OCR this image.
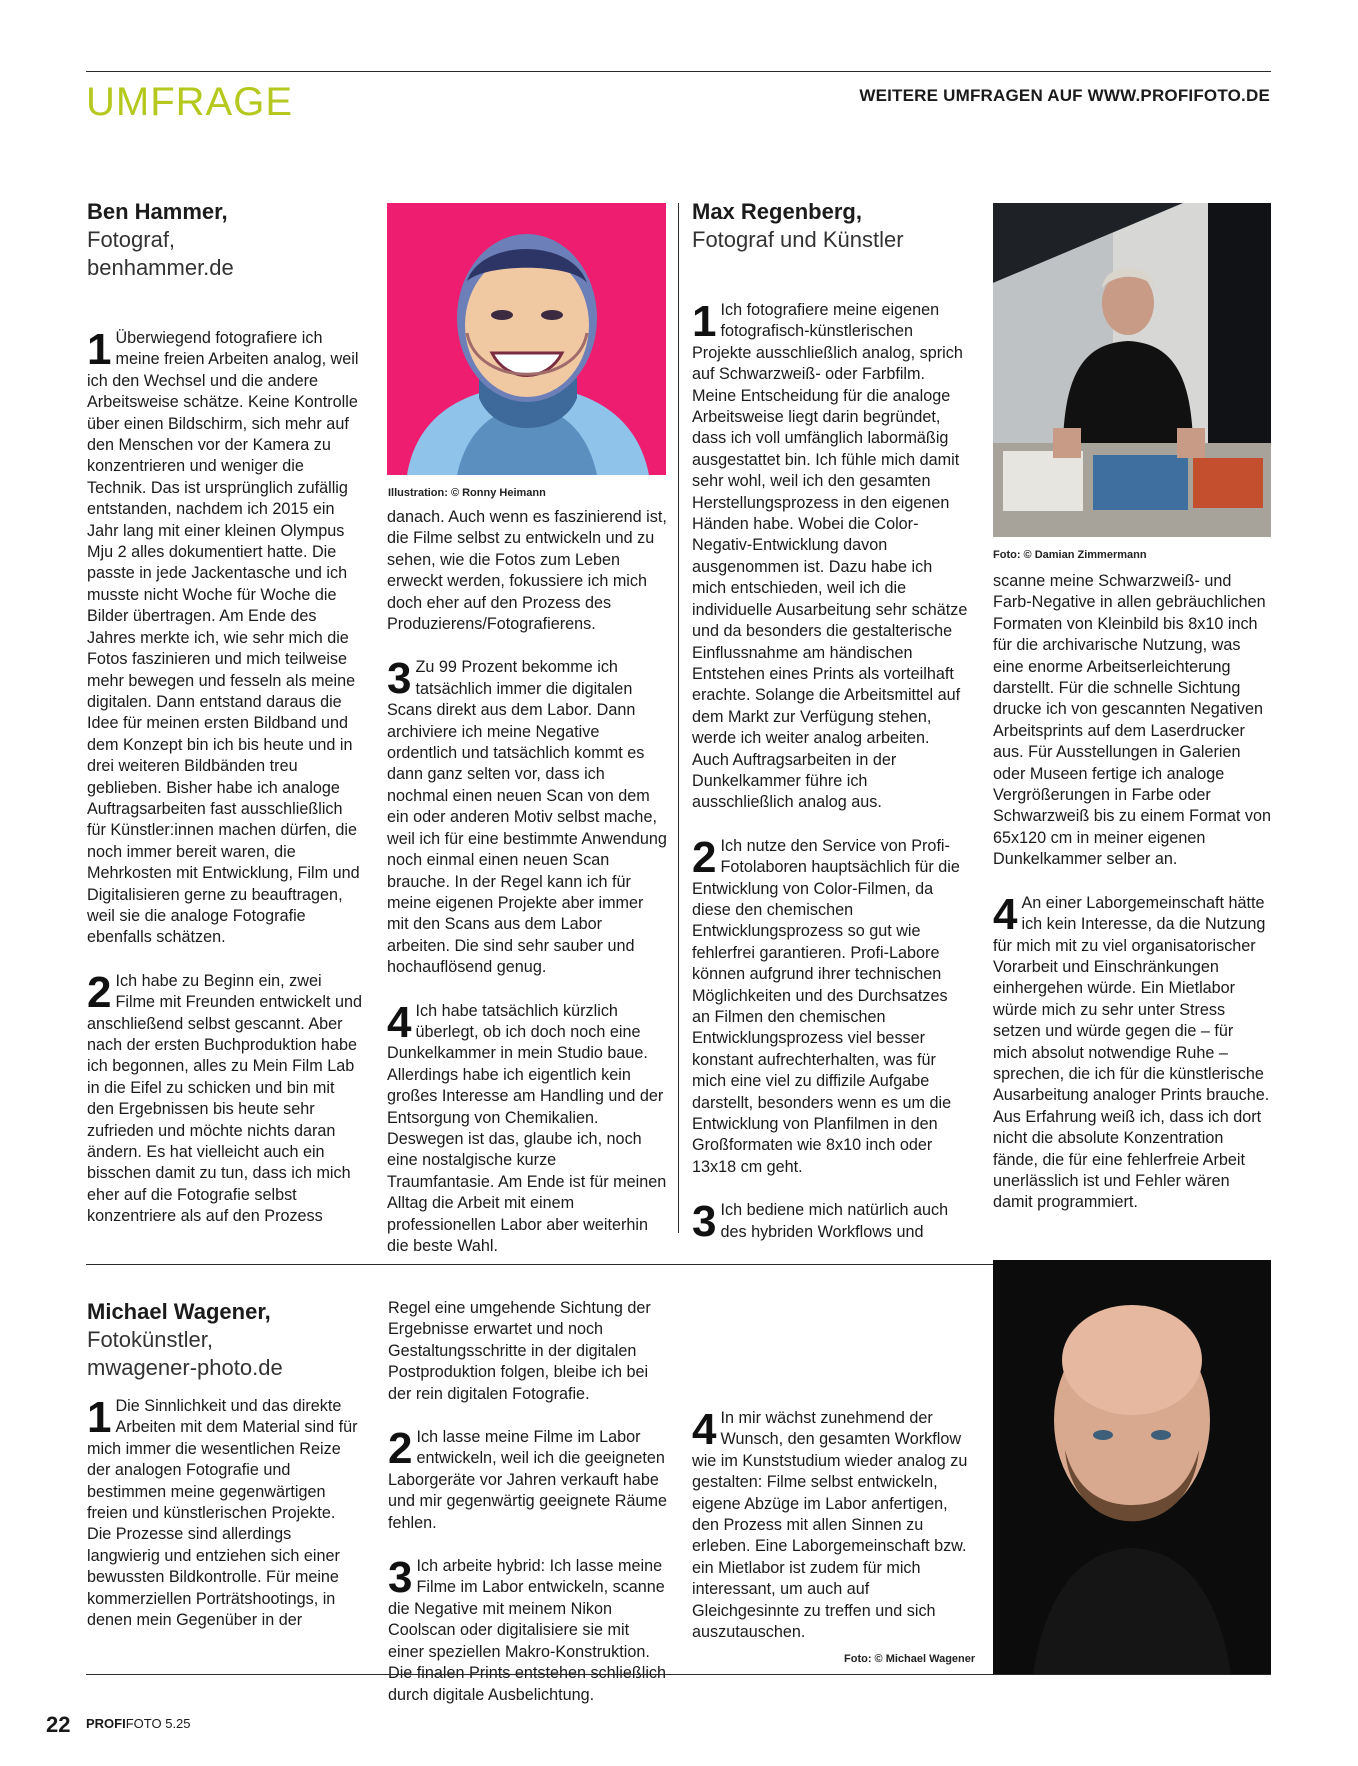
UMFRAGE	WEITERE UMFRAGEN AUF WWW.PROFIFOTO.DE
Ben Hammer,
Fotograf,
benhammer.de

1 Überwiegend fotografiere ich meine freien Arbeiten analog, weil ich den Wechsel und die andere Arbeitsweise schätze. Keine Kontrolle über einen Bildschirm, sich mehr auf den Menschen vor der Kamera zu konzentrieren und weniger die Technik. Das ist ursprünglich zufällig entstanden, nachdem ich 2015 ein Jahr lang mit einer kleinen Olympus Mju 2 alles dokumentiert hatte. Die passte in jede Jackentasche und ich musste nicht Woche für Woche die Bilder übertragen. Am Ende des Jahres merkte ich, wie sehr mich die Fotos faszinieren und mich teilweise mehr bewegen und fesseln als meine digitalen. Dann entstand daraus die Idee für meinen ersten Bildband und dem Konzept bin ich bis heute und in drei weiteren Bildbänden treu geblieben. Bisher habe ich analoge Auftragsarbeiten fast ausschließlich für Künstler:innen machen dürfen, die noch immer bereit waren, die Mehrkosten mit Entwicklung, Film und Digitalisieren gerne zu beauftragen, weil sie die analoge Fotografie ebenfalls schätzen.

2 Ich habe zu Beginn ein, zwei Filme mit Freunden entwickelt und anschließend selbst gescannt. Aber nach der ersten Buchproduktion habe ich begonnen, alles zu Mein Film Lab in die Eifel zu schicken und bin mit den Ergebnissen bis heute sehr zufrieden und möchte nichts daran ändern. Es hat vielleicht auch ein bisschen damit zu tun, dass ich mich eher auf die Fotografie selbst konzentriere als auf den Prozess

Illustration: © Ronny Heimann

danach. Auch wenn es faszinierend ist, die Filme selbst zu entwickeln und zu sehen, wie die Fotos zum Leben erweckt werden, fokussiere ich mich doch eher auf den Prozess des Produzierens/Fotografierens.

3 Zu 99 Prozent bekomme ich tatsächlich immer die digitalen Scans direkt aus dem Labor. Dann archiviere ich meine Negative ordentlich und tatsächlich kommt es dann ganz selten vor, dass ich nochmal einen neuen Scan von dem ein oder anderen Motiv selbst mache, weil ich für eine bestimmte Anwendung noch einmal einen neuen Scan brauche. In der Regel kann ich für meine eigenen Projekte aber immer mit den Scans aus dem Labor arbeiten. Die sind sehr sauber und hochauflösend genug.

4 Ich habe tatsächlich kürzlich überlegt, ob ich doch noch eine Dunkelkammer in mein Studio baue. Allerdings habe ich eigentlich kein großes Interesse am Handling und der Entsorgung von Chemikalien. Deswegen ist das, glaube ich, noch eine nostalgische kurze Traumfantasie. Am Ende ist für meinen Alltag die Arbeit mit einem professionellen Labor aber weiterhin die beste Wahl.

Max Regenberg,
Fotograf und Künstler

1 Ich fotografiere meine eigenen fotografisch-künstlerischen Projekte ausschließlich analog, sprich auf Schwarzweiß- oder Farbfilm. Meine Entscheidung für die analoge Arbeitsweise liegt darin begründet, dass ich voll umfänglich labormäßig ausgestattet bin. Ich fühle mich damit sehr wohl, weil ich den gesamten Herstellungsprozess in den eigenen Händen habe. Wobei die Color-Negativ-Entwicklung davon ausgenommen ist. Dazu habe ich mich entschieden, weil ich die individuelle Ausarbeitung sehr schätze und da besonders die gestalterische Einflussnahme am händischen Entstehen eines Prints als vorteilhaft erachte. Solange die Arbeitsmittel auf dem Markt zur Verfügung stehen, werde ich weiter analog arbeiten. Auch Auftragsarbeiten in der Dunkelkammer führe ich ausschließlich analog aus.

2 Ich nutze den Service von Profi-Fotolaboren hauptsächlich für die Entwicklung von Color-Filmen, da diese den chemischen Entwicklungsprozess so gut wie fehlerfrei garantieren. Profi-Labore können aufgrund ihrer technischen Möglichkeiten und des Durchsatzes an Filmen den chemischen Entwicklungsprozess viel besser konstant aufrechterhalten, was für mich eine viel zu diffizile Aufgabe darstellt, besonders wenn es um die Entwicklung von Planfilmen in den Großformaten wie 8x10 inch oder 13x18 cm geht.

3 Ich bediene mich natürlich auch des hybriden Workflows und

Foto: © Damian Zimmermann

scanne meine Schwarzweiß- und Farb-Negative in allen gebräuchlichen Formaten von Kleinbild bis 8x10 inch für die archivarische Nutzung, was eine enorme Arbeitserleichterung darstellt. Für die schnelle Sichtung drucke ich von gescannten Negativen Arbeitsprints auf dem Laserdrucker aus. Für Ausstellungen in Galerien oder Museen fertige ich analoge Vergrößerungen in Farbe oder Schwarzweiß bis zu einem Format von 65x120 cm in meiner eigenen Dunkelkammer selber an.

4 An einer Laborgemeinschaft hätte ich kein Interesse, da die Nutzung für mich mit zu viel organisatorischer Vorarbeit und Einschränkungen einhergehen würde. Ein Mietlabor würde mich zu sehr unter Stress setzen und würde gegen die – für mich absolut notwendige Ruhe – sprechen, die ich für die künstlerische Ausarbeitung analoger Prints brauche. Aus Erfahrung weiß ich, dass ich dort nicht die absolute Konzentration fände, die für eine fehlerfreie Arbeit unerlässlich ist und Fehler wären damit programmiert.

Michael Wagener,
Fotokünstler,
mwagener-photo.de

1 Die Sinnlichkeit und das direkte Arbeiten mit dem Material sind für mich immer die wesentlichen Reize der analogen Fotografie und bestimmen meine gegenwärtigen freien und künstlerischen Projekte. Die Prozesse sind allerdings langwierig und entziehen sich einer bewussten Bildkontrolle. Für meine kommerziellen Porträtshootings, in denen mein Gegenüber in der

Regel eine umgehende Sichtung der Ergebnisse erwartet und noch Gestaltungsschritte in der digitalen Postproduktion folgen, bleibe ich bei der rein digitalen Fotografie.

2 Ich lasse meine Filme im Labor entwickeln, weil ich die geeigneten Laborgeräte vor Jahren verkauft habe und mir gegenwärtig geeignete Räume fehlen.

3 Ich arbeite hybrid: Ich lasse meine Filme im Labor entwickeln, scanne die Negative mit meinem Nikon Coolscan oder digitalisiere sie mit einer speziellen Makro-Konstruktion. Die finalen Prints entstehen schließlich durch digitale Ausbelichtung.

4 In mir wächst zunehmend der Wunsch, den gesamten Workflow wie im Kunststudium wieder analog zu gestalten: Filme selbst entwickeln, eigene Abzüge im Labor anfertigen, den Prozess mit allen Sinnen zu erleben. Eine Laborgemeinschaft bzw. ein Mietlabor ist zudem für mich interessant, um auch auf Gleichgesinnte zu treffen und sich auszutauschen.

Foto: © Michael Wagener
22 PROFIFOTO 5.25
